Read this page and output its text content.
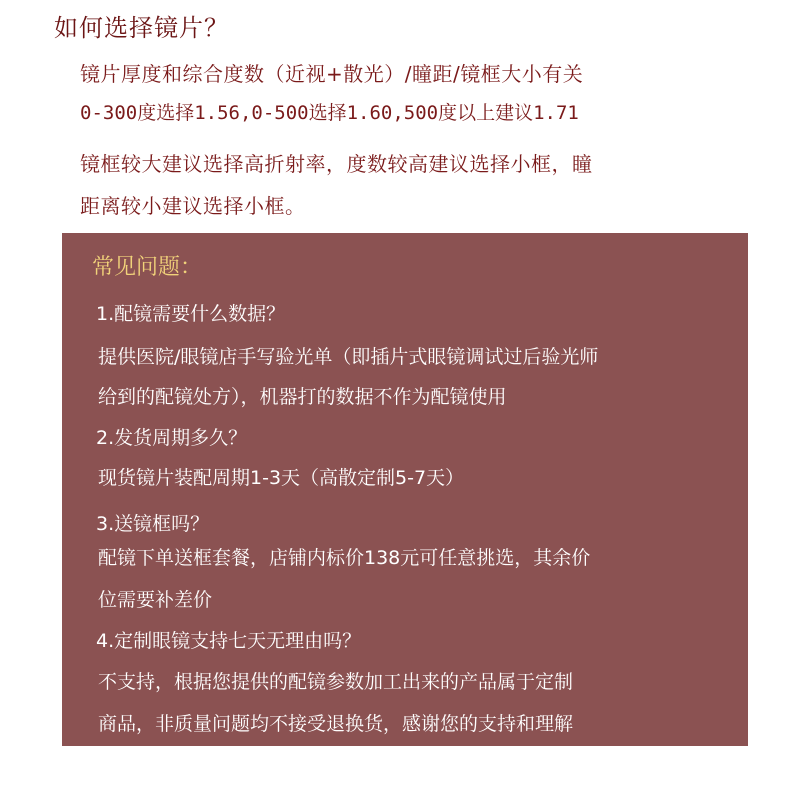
如何选择镜片？
镜片厚度和综合度数（近视+散光）/瞳距/镜框大小有关
0-300度选择1.56,0-500选择1.60,500度以上建议1.71
镜框较大建议选择高折射率，度数较高建议选择小框，瞳
距离较小建议选择小框。
常见问题：
1.配镜需要什么数据？
提供医院/眼镜店手写验光单（即插片式眼镜调试过后验光师
给到的配镜处方），机器打的数据不作为配镜使用
2.发货周期多久？
现货镜片装配周期1-3天（高散定制5-7天）
3.送镜框吗？
配镜下单送框套餐，店铺内标价138元可任意挑选，其余价
位需要补差价
4.定制眼镜支持七天无理由吗？
不支持，根据您提供的配镜参数加工出来的产品属于定制
商品，非质量问题均不接受退换货，感谢您的支持和理解
